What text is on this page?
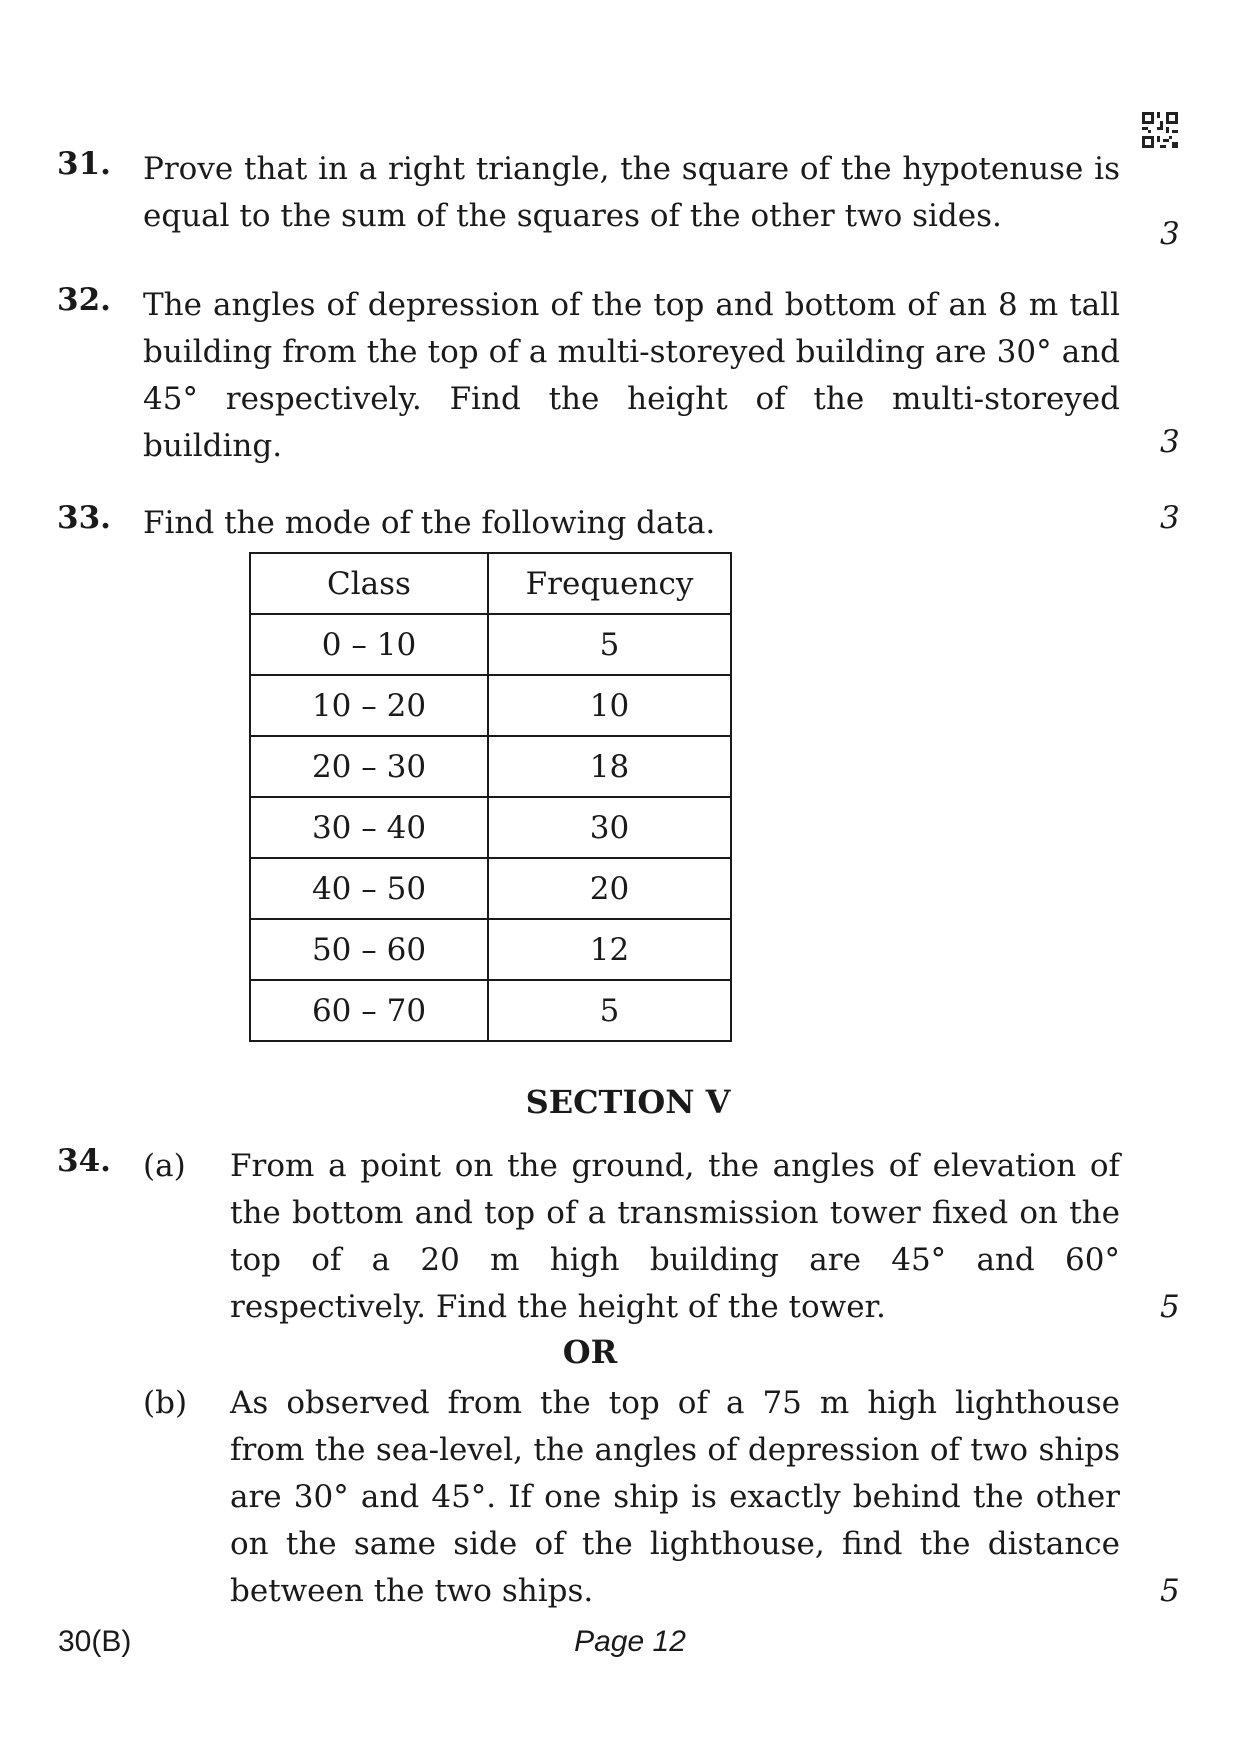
31. Prove that in a right triangle, the square of the hypotenuse is equal to the sum of the squares of the other two sides.	3
32. The angles of depression of the top and bottom of an 8 m tall building from the top of a multi-storeyed building are 30° and 45° respectively. Find the height of the multi-storeyed building.	3
33. Find the mode of the following data.	3
Class	Frequency
0 – 10	5
10 – 20	10
20 – 30	18
30 – 40	30
40 – 50	20
50 – 60	12
60 – 70	5
SECTION V
34. (a) From a point on the ground, the angles of elevation of the bottom and top of a transmission tower fixed on the top of a 20 m high building are 45° and 60° respectively. Find the height of the tower.	5
OR
(b) As observed from the top of a 75 m high lighthouse from the sea-level, the angles of depression of two ships are 30° and 45°. If one ship is exactly behind the other on the same side of the lighthouse, find the distance between the two ships.	5
30(B)	Page 12
